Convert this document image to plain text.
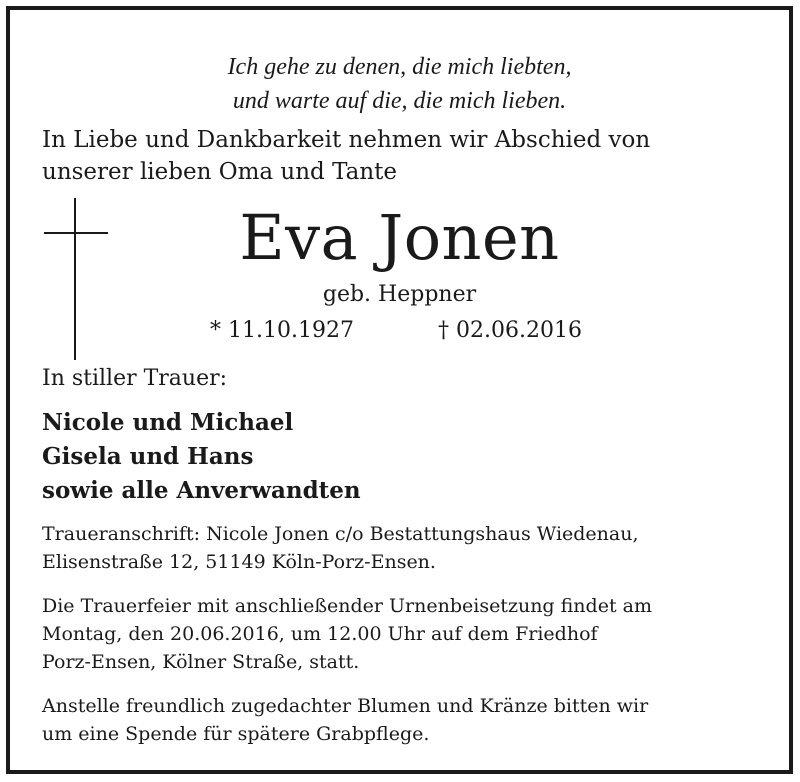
Ich gehe zu denen, die mich liebten,

und warte auf die, die mich lieben.

In Liebe und Dankbarkeit nehmen wir Abschied von

unserer lieben Oma und Tante

Eva Jonen

geb. Heppner

* 11.10.1927	† 02.06.2016

In stiller Trauer:

Nicole und Michael
Gisela und Hans
sowie alle Anverwandten
Traueranschrift: Nicole Jonen c/o Bestattungshaus Wiedenau,
Elisenstraße 12, 51149 Köln-Porz-Ensen.
Die Trauerfeier mit anschließender Urnenbeisetzung findet am
Montag, den 20.06.2016, um 12.00 Uhr auf dem Friedhof
Porz-Ensen, Kölner Straße, statt.
Anstelle freundlich zugedachter Blumen und Kränze bitten wir
um eine Spende für spätere Grabpflege.
